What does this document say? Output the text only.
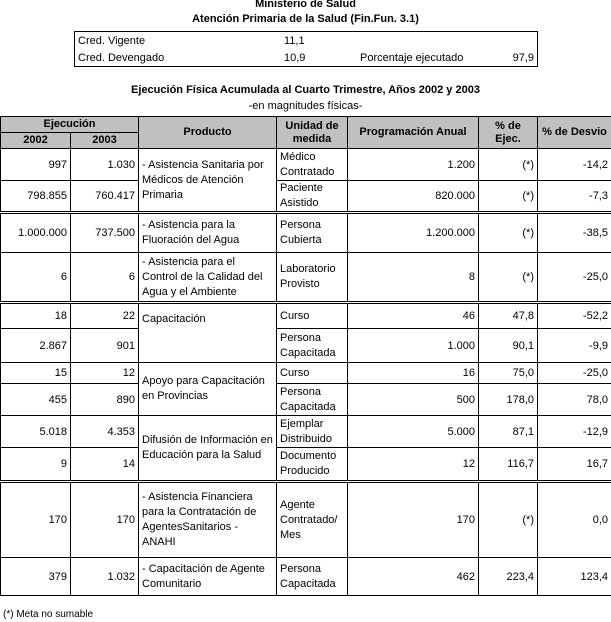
Ministerio de Salud
Atención Primaria de la Salud (Fin.Fun. 3.1)
Cred. Vigente	11,1		
Cred. Devengado	10,9	Porcentaje ejecutado	97,9
Ejecución Física Acumulada al Cuarto Trimestre, Años 2002 y 2003
-en magnitudes físicas-
Ejecución		Producto	Unidad de medida	Programación Anual	% de Ejec.	% de Desvio
2002	2003					
997	1.030	- Asistencia Sanitaria por Médicos de Atención Primaria	Médico Contratado	1.200	(*)	-14,2
798.855	760.417		Paciente Asistido	820.000	(*)	-7,3
1.000.000	737.500	- Asistencia para la Fluoración del Agua	Persona Cubierta	1.200.000	(*)	-38,5
6	6	- Asistencia para el Control de la Calidad del Agua y el Ambiente	Laboratorio Provisto	8	(*)	-25,0
18	22	Capacitación	Curso	46	47,8	-52,2
2.867	901		Persona Capacitada	1.000	90,1	-9,9
15	12	Apoyo para Capacitación en Provincias	Curso	16	75,0	-25,0
455	890		Persona Capacitada	500	178,0	78,0
5.018	4.353	Difusión de Información en Educación para la Salud	Ejemplar Distribuido	5.000	87,1	-12,9
9	14		Documento Producido	12	116,7	16,7
170	170	- Asistencia Financiera para la Contratación de AgentesSanitarios - ANAHI	Agente Contratado/ Mes	170	(*)	0,0
379	1.032	- Capacitación de Agente Comunitario	Persona Capacitada	462	223,4	123,4
(*) Meta no sumable
